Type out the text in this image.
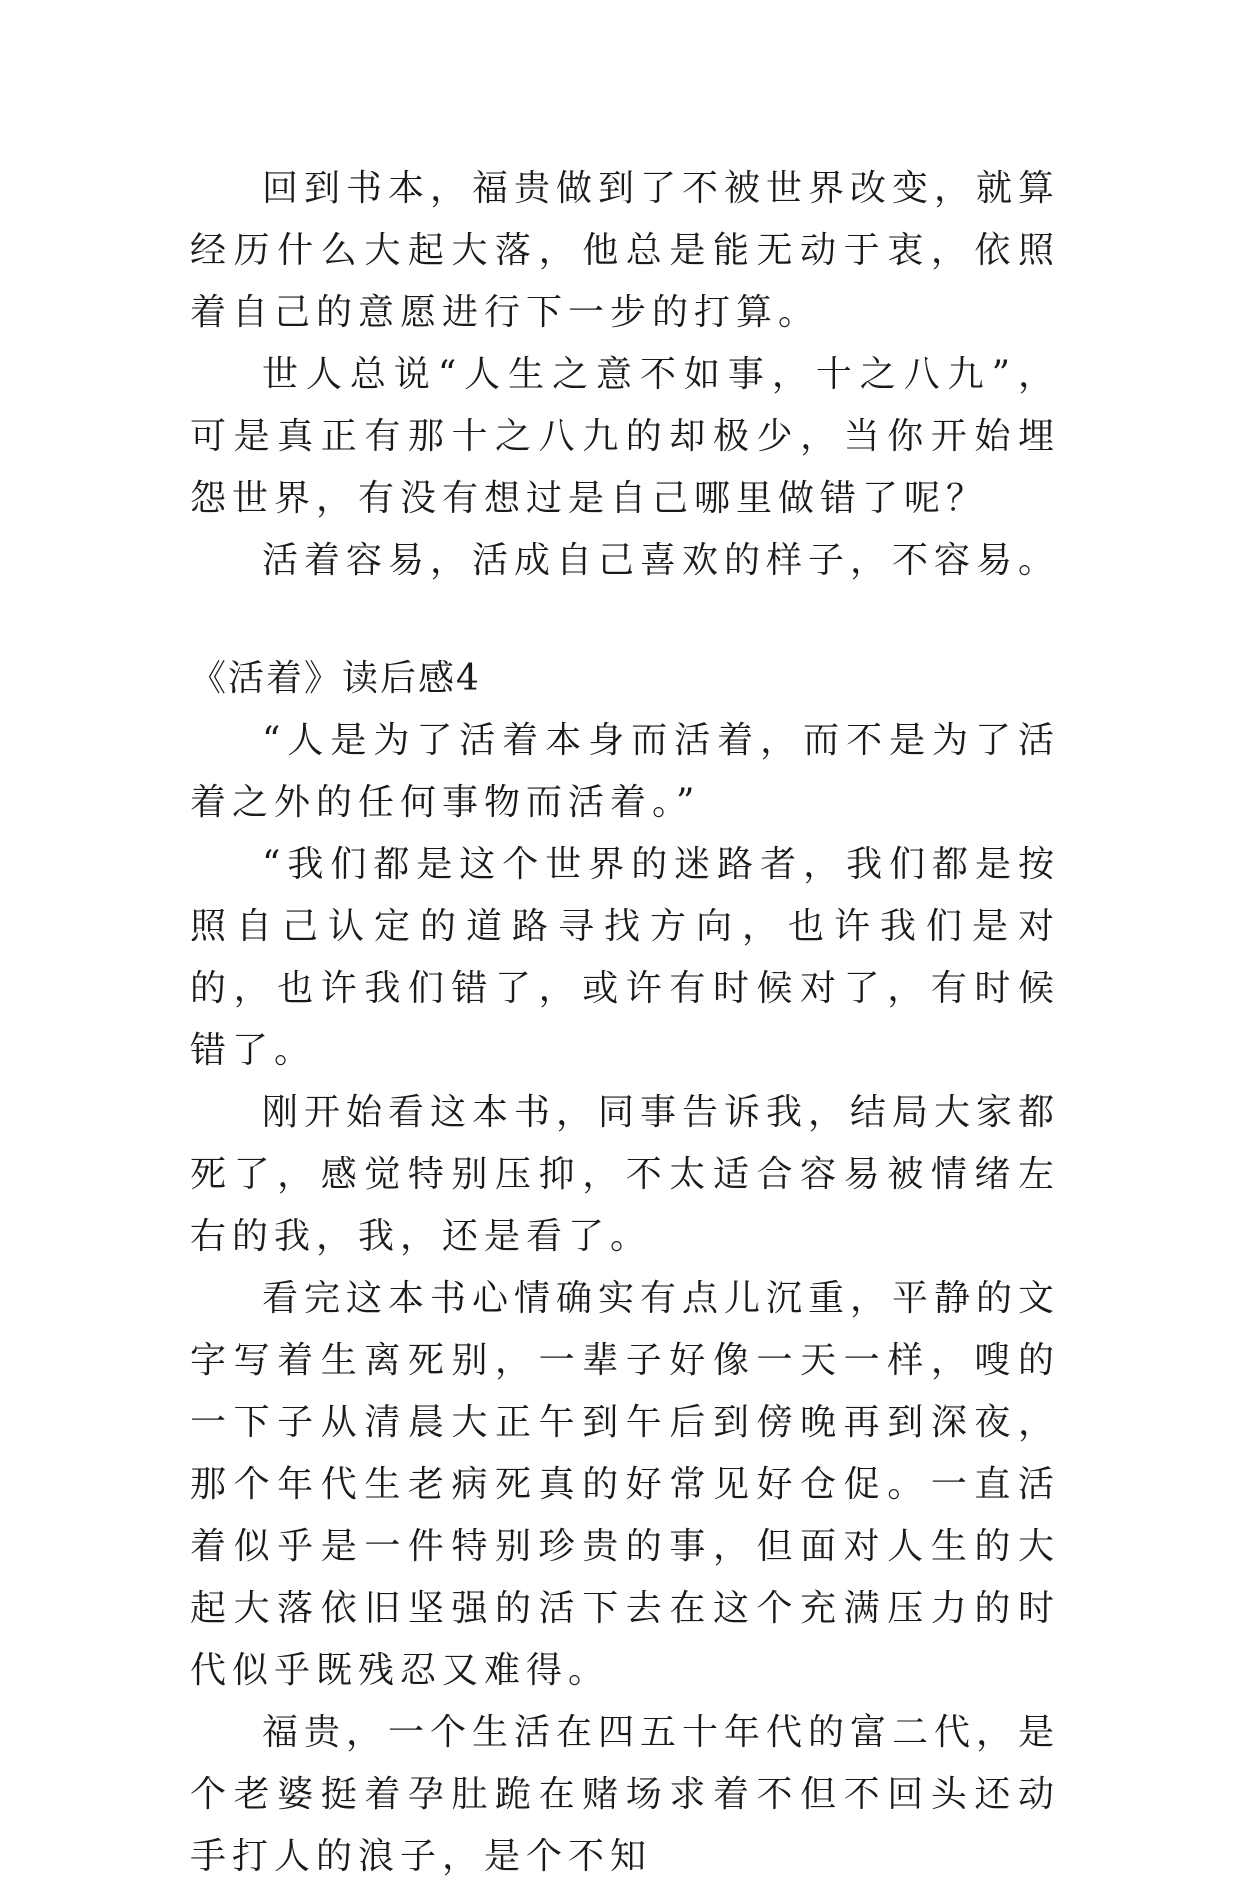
回到书本，福贵做到了不被世界改变，就算经历什么大起大落，他总是能无动于衷，依照着自己的意愿进行下一步的打算。

世人总说“人生之意不如事，十之八九”，可是真正有那十之八九的却极少，当你开始埋怨世界，有没有想过是自己哪里做错了呢？

活着容易，活成自己喜欢的样子，不容易。

《活着》读后感4

“人是为了活着本身而活着，而不是为了活着之外的任何事物而活着。”

“我们都是这个世界的迷路者，我们都是按照自己认定的道路寻找方向，也许我们是对的，也许我们错了，或许有时候对了，有时候错了。

刚开始看这本书，同事告诉我，结局大家都死了，感觉特别压抑，不太适合容易被情绪左右的我，我，还是看了。

看完这本书心情确实有点儿沉重，平静的文字写着生离死别，一辈子好像一天一样，嗖的一下子从清晨大正午到午后到傍晚再到深夜，那个年代生老病死真的好常见好仓促。一直活着似乎是一件特别珍贵的事，但面对人生的大起大落依旧坚强的活下去在这个充满压力的时代似乎既残忍又难得。

福贵，一个生活在四五十年代的富二代，是个老婆挺着孕肚跪在赌场求着不但不回头还动手打人的浪子，是个不知
